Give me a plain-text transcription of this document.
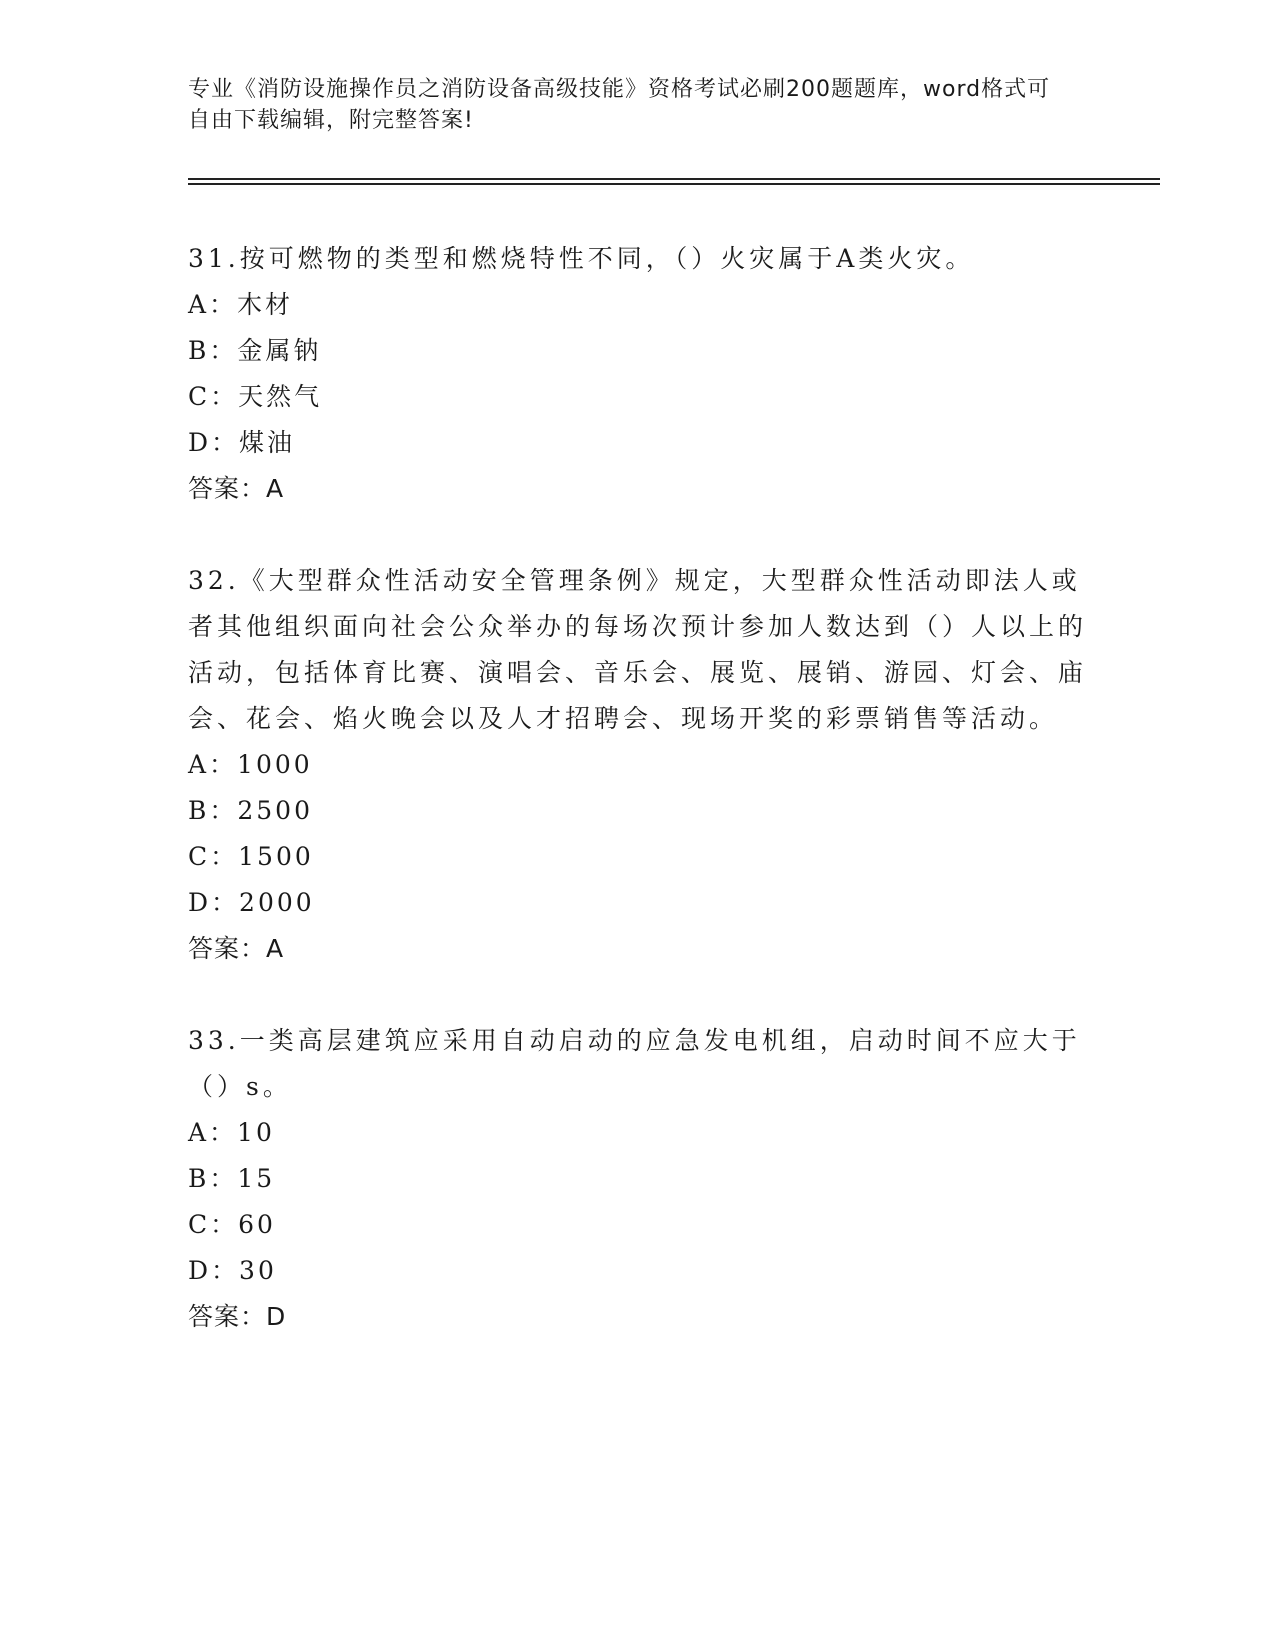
专业《消防设施操作员之消防设备高级技能》资格考试必刷200题题库，word格式可自由下载编辑，附完整答案!

31.按可燃物的类型和燃烧特性不同，（）火灾属于A类火灾。

A：木材

B：金属钠

C：天然气

D：煤油

答案：A

32.《大型群众性活动安全管理条例》规定，大型群众性活动即法人或者其他组织面向社会公众举办的每场次预计参加人数达到（）人以上的活动，包括体育比赛、演唱会、音乐会、展览、展销、游园、灯会、庙会、花会、焰火晚会以及人才招聘会、现场开奖的彩票销售等活动。

A：1000

B：2500

C：1500

D：2000

答案：A

33.一类高层建筑应采用自动启动的应急发电机组，启动时间不应大于（）s。

A：10

B：15

C：60

D：30

答案：D
